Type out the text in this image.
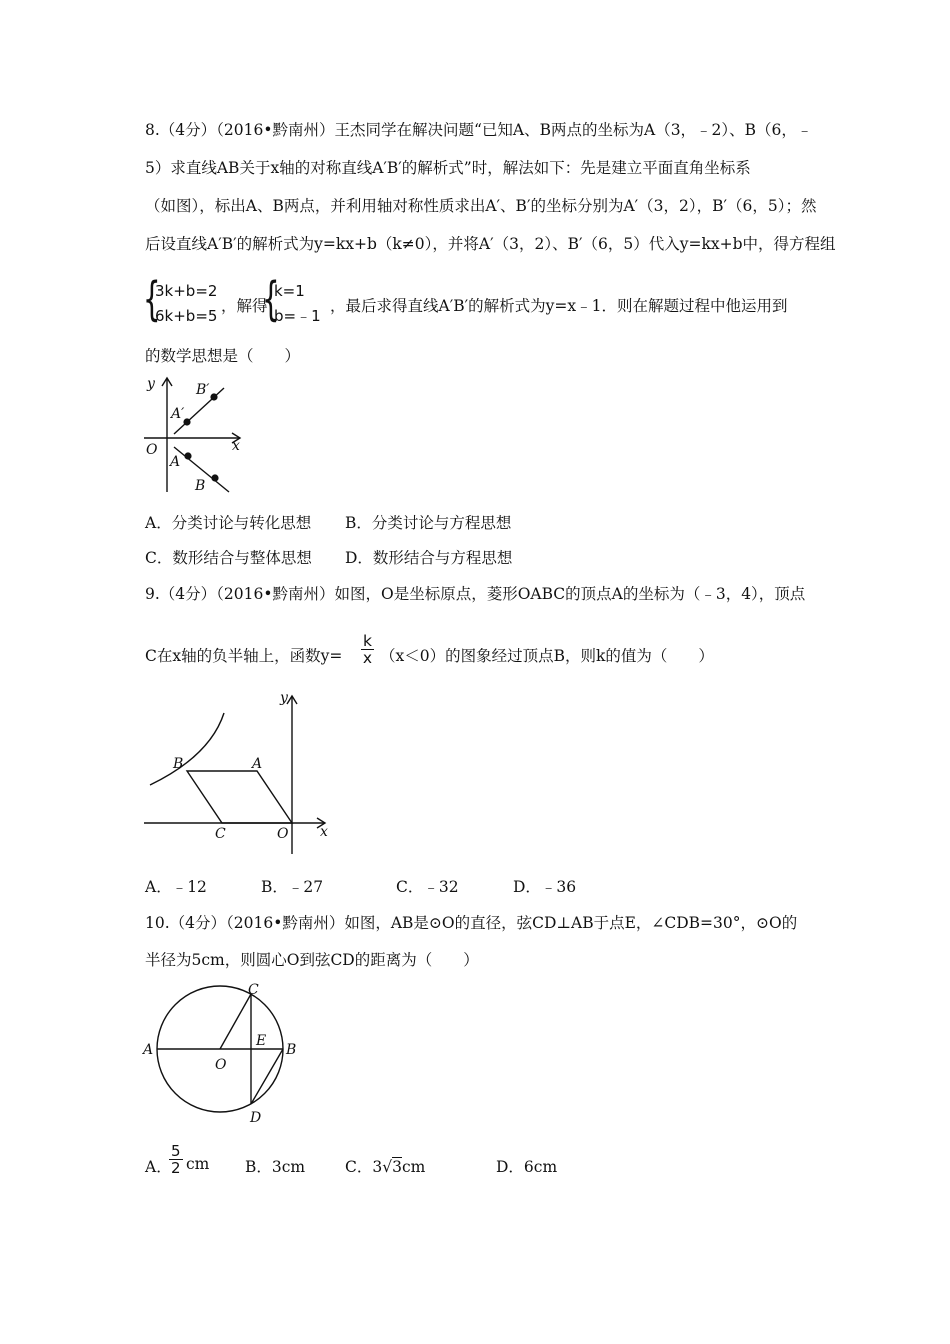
8.（4分）（2016•黔南州）王杰同学在解决问题“已知A、B两点的坐标为A（3，﹣2）、B（6，﹣
5）求直线AB关于x轴的对称直线A′B′的解析式”时，解法如下：先是建立平面直角坐标系
（如图），标出A、B两点，并利用轴对称性质求出A′、B′的坐标分别为A′（3，2），B′（6，5）；然
后设直线A′B′的解析式为y=kx+b（k≠0），并将A′（3，2）、B′（6，5）代入y=kx+b中，得方程组
{
3k+b=2
6k+b=5
，解得
{
k=1
b=﹣1
，最后求得直线A′B′的解析式为y=x﹣1．则在解题过程中他运用到
的数学思想是（　　）
y
x
O
A′
B′
A
B
A．分类讨论与转化思想 B．分类讨论与方程思想
C．数形结合与整体思想 D．数形结合与方程思想
9.（4分）（2016•黔南州）如图，O是坐标原点，菱形OABC的顶点A的坐标为（﹣3，4），顶点
C在x轴的负半轴上，函数$y= \frac{k}{x} (x<0)$的图象经过顶点B，则k的值为（　　）
y
x
O
A
B
C
A．﹣12	B．﹣27	C．﹣32	D．﹣36
10.（4分）（2016•黔南州）如图，AB是⊙O的直径，弦CD⊥AB于点E，∠CDB=30°，⊙O的
半径为5cm，则圆心O到弦CD的距离为（　　）
A	B
C
D
E
O
A．
$\frac{5}{2}$ cm B．3cm	C．3√3cm	D．6cm
